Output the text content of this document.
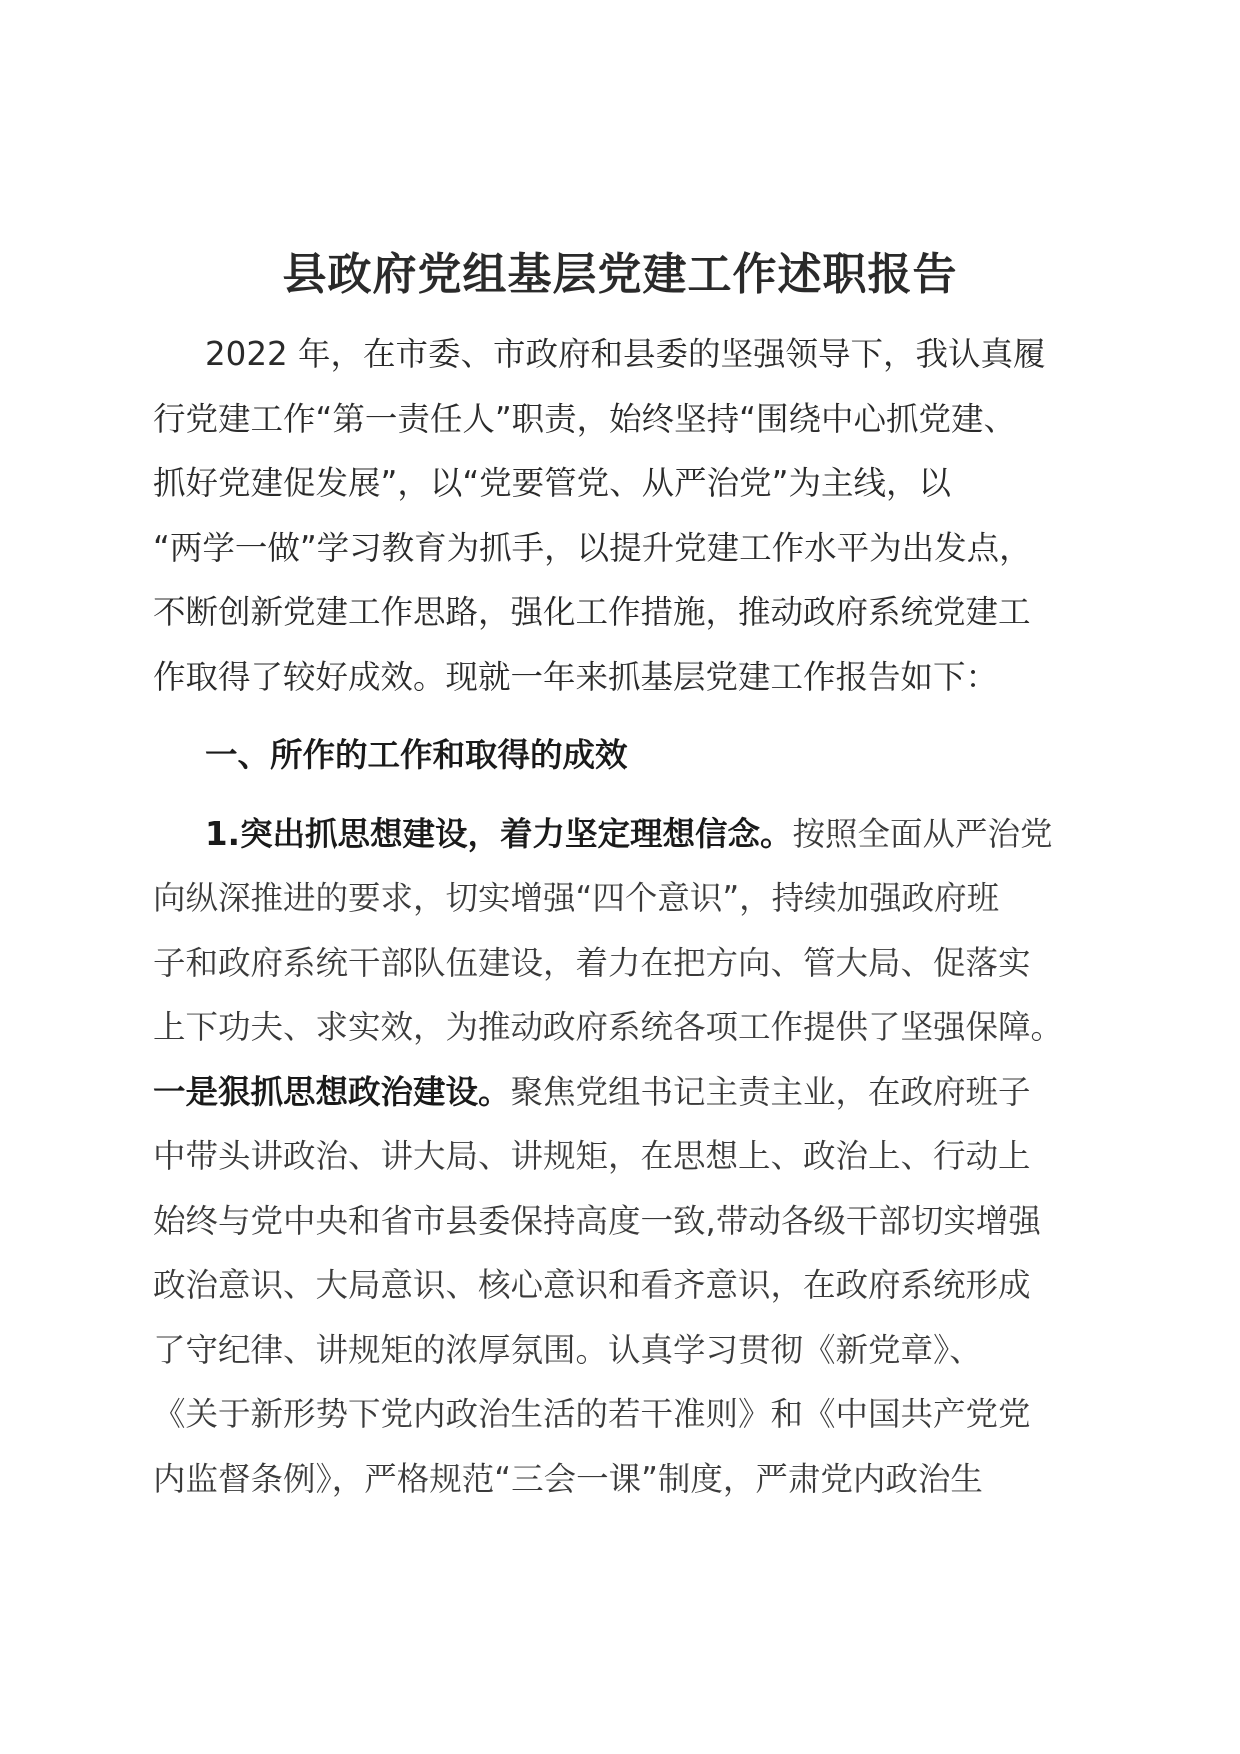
县政府党组基层党建工作述职报告
2022 年，在市委、市政府和县委的坚强领导下，我认真履
行党建工作“第一责任人”职责，始终坚持“围绕中心抓党建、
抓好党建促发展”，以“党要管党、从严治党”为主线，以
“两学一做”学习教育为抓手，以提升党建工作水平为出发点，
不断创新党建工作思路，强化工作措施，推动政府系统党建工
作取得了较好成效。现就一年来抓基层党建工作报告如下：
一、所作的工作和取得的成效
1.突出抓思想建设，着力坚定理想信念。按照全面从严治党
向纵深推进的要求，切实增强“四个意识”，持续加强政府班
子和政府系统干部队伍建设，着力在把方向、管大局、促落实
上下功夫、求实效，为推动政府系统各项工作提供了坚强保障。
一是狠抓思想政治建设。聚焦党组书记主责主业，在政府班子
中带头讲政治、讲大局、讲规矩，在思想上、政治上、行动上
始终与党中央和省市县委保持高度一致,带动各级干部切实增强
政治意识、大局意识、核心意识和看齐意识，在政府系统形成
了守纪律、讲规矩的浓厚氛围。认真学习贯彻《新党章》、
《关于新形势下党内政治生活的若干准则》和《中国共产党党
内监督条例》，严格规范“三会一课”制度，严肃党内政治生
